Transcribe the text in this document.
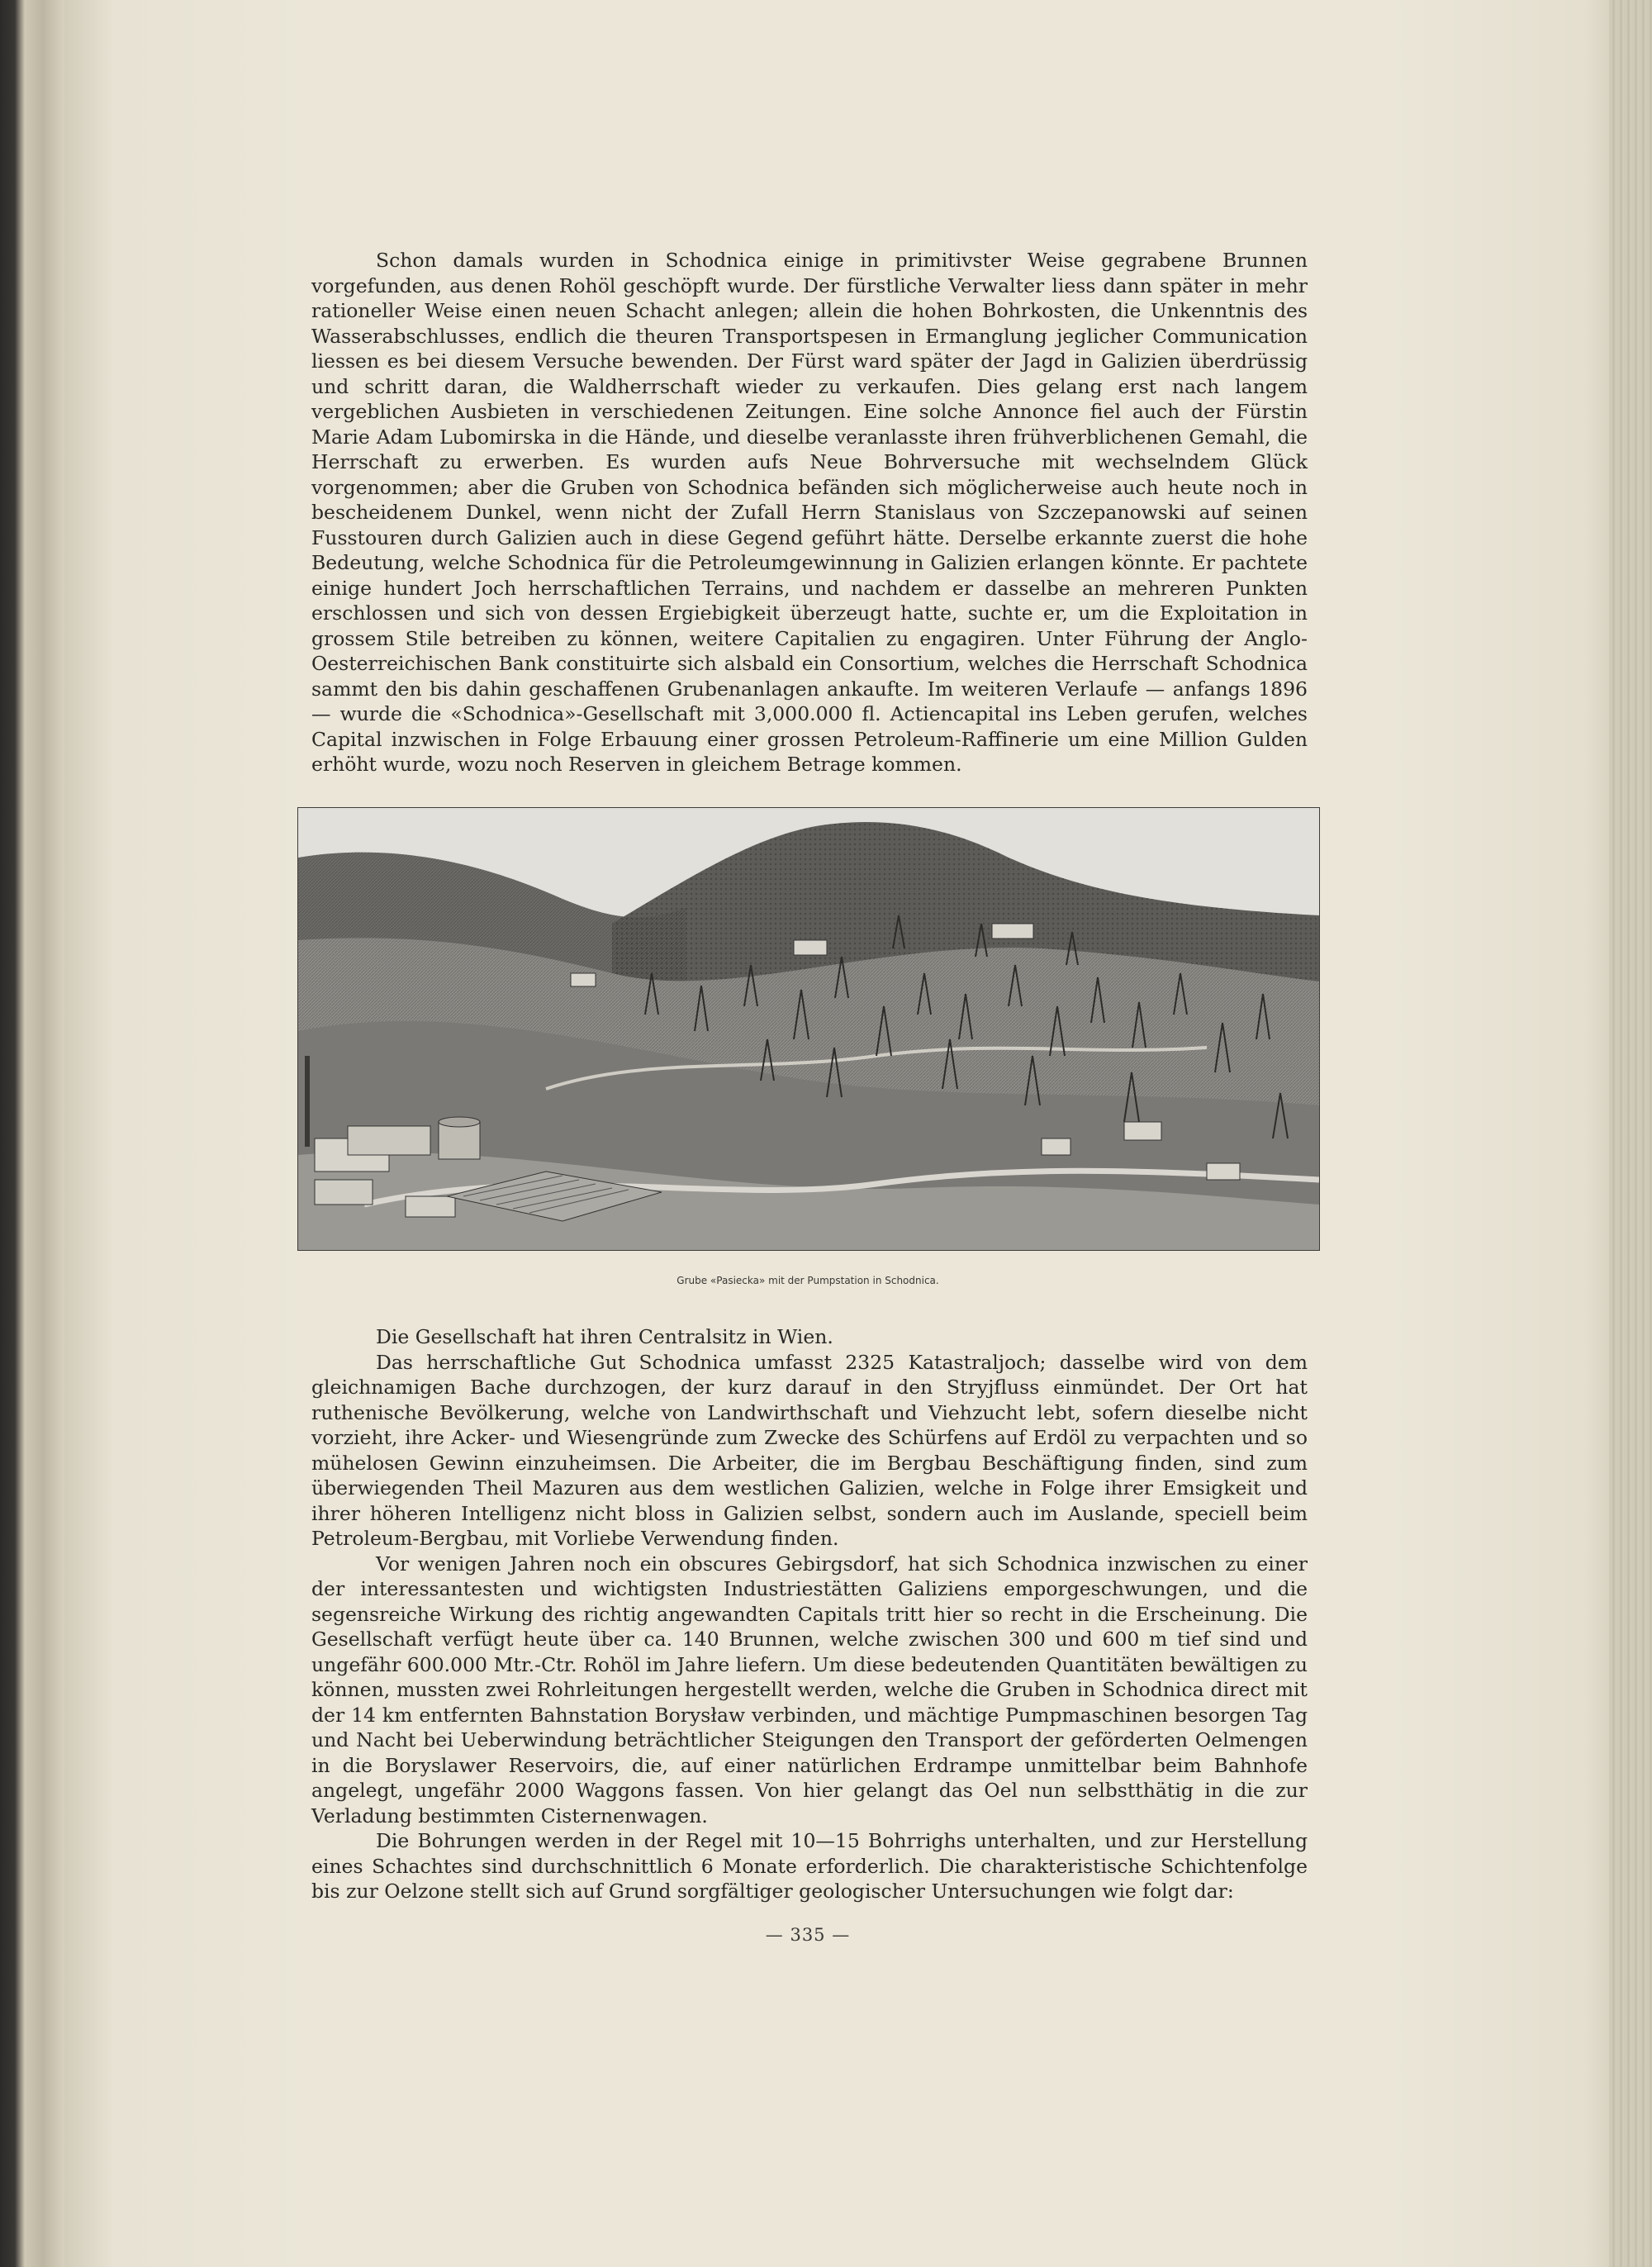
Schon damals wurden in Schodnica einige in primitivster Weise gegrabene Brunnen vorgefunden, aus denen Rohöl geschöpft wurde. Der fürstliche Verwalter liess dann später in mehr rationeller Weise einen neuen Schacht anlegen; allein die hohen Bohrkosten, die Unkenntnis des Wasserabschlusses, endlich die theuren Transportspesen in Ermanglung jeglicher Communication liessen es bei diesem Versuche bewenden. Der Fürst ward später der Jagd in Galizien überdrüssig und schritt daran, die Waldherrschaft wieder zu verkaufen. Dies gelang erst nach langem vergeblichen Ausbieten in verschiedenen Zeitungen. Eine solche Annonce fiel auch der Fürstin Marie Adam Lubomirska in die Hände, und dieselbe veranlasste ihren frühverblichenen Gemahl, die Herrschaft zu erwerben. Es wurden aufs Neue Bohrversuche mit wechselndem Glück vorgenommen; aber die Gruben von Schodnica befänden sich möglicherweise auch heute noch in bescheidenem Dunkel, wenn nicht der Zufall Herrn Stanislaus von Szczepanowski auf seinen Fusstouren durch Galizien auch in diese Gegend geführt hätte. Derselbe erkannte zuerst die hohe Bedeutung, welche Schodnica für die Petroleumgewinnung in Galizien erlangen könnte. Er pachtete einige hundert Joch herrschaftlichen Terrains, und nachdem er dasselbe an mehreren Punkten erschlossen und sich von dessen Ergiebigkeit überzeugt hatte, suchte er, um die Exploitation in grossem Stile betreiben zu können, weitere Capitalien zu engagiren. Unter Führung der Anglo-Oesterreichischen Bank constituirte sich alsbald ein Consortium, welches die Herrschaft Schodnica sammt den bis dahin geschaffenen Grubenanlagen ankaufte. Im weiteren Verlaufe — anfangs 1896 — wurde die «Schodnica»-Gesellschaft mit 3,000.000 fl. Actiencapital ins Leben gerufen, welches Capital inzwischen in Folge Erbauung einer grossen Petroleum-Raffinerie um eine Million Gulden erhöht wurde, wozu noch Reserven in gleichem Betrage kommen.

Grube «Pasiecka» mit der Pumpstation in Schodnica.

Die Gesellschaft hat ihren Centralsitz in Wien.

Das herrschaftliche Gut Schodnica umfasst 2325 Katastraljoch; dasselbe wird von dem gleichnamigen Bache durchzogen, der kurz darauf in den Stryjfluss einmündet. Der Ort hat ruthenische Bevölkerung, welche von Landwirthschaft und Viehzucht lebt, sofern dieselbe nicht vorzieht, ihre Acker- und Wiesengründe zum Zwecke des Schürfens auf Erdöl zu verpachten und so mühelosen Gewinn einzuheimsen. Die Arbeiter, die im Bergbau Beschäftigung finden, sind zum überwiegenden Theil Mazuren aus dem westlichen Galizien, welche in Folge ihrer Emsigkeit und ihrer höheren Intelligenz nicht bloss in Galizien selbst, sondern auch im Auslande, speciell beim Petroleum-Bergbau, mit Vorliebe Verwendung finden.

Vor wenigen Jahren noch ein obscures Gebirgsdorf, hat sich Schodnica inzwischen zu einer der interessantesten und wichtigsten Industriestätten Galiziens emporgeschwungen, und die segensreiche Wirkung des richtig angewandten Capitals tritt hier so recht in die Erscheinung. Die Gesellschaft verfügt heute über ca. 140 Brunnen, welche zwischen 300 und 600 m tief sind und ungefähr 600.000 Mtr.-Ctr. Rohöl im Jahre liefern. Um diese bedeutenden Quantitäten bewältigen zu können, mussten zwei Rohrleitungen hergestellt werden, welche die Gruben in Schodnica direct mit der 14 km entfernten Bahnstation Borysław verbinden, und mächtige Pumpmaschinen besorgen Tag und Nacht bei Ueberwindung beträchtlicher Steigungen den Transport der geförderten Oelmengen in die Boryslawer Reservoirs, die, auf einer natürlichen Erdrampe unmittelbar beim Bahnhofe angelegt, ungefähr 2000 Waggons fassen. Von hier gelangt das Oel nun selbstthätig in die zur Verladung bestimmten Cisternenwagen.

Die Bohrungen werden in der Regel mit 10—15 Bohrrighs unterhalten, und zur Herstellung eines Schachtes sind durchschnittlich 6 Monate erforderlich. Die charakteristische Schichtenfolge bis zur Oelzone stellt sich auf Grund sorgfältiger geologischer Untersuchungen wie folgt dar:

— 335 —
